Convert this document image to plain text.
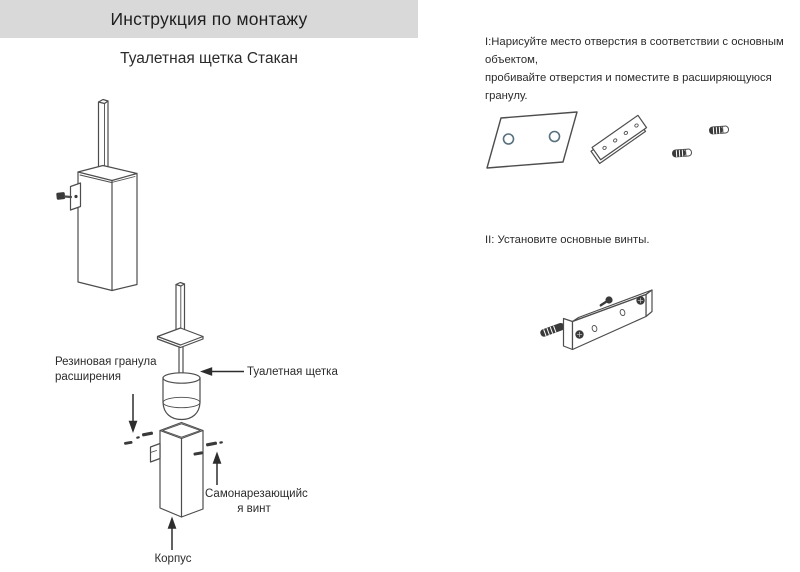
Инструкция по монтажу
Туалетная щетка Стакан
I:Нарисуйте место отверстия в соответствии с основным объектом,
пробивайте отверстия и поместите в расширяющуюся гранулу.
II: Установите основные винты.
Резиновая гранула
расширения	Туалетная щетка
Самонарезающийс
я винт
Корпус
